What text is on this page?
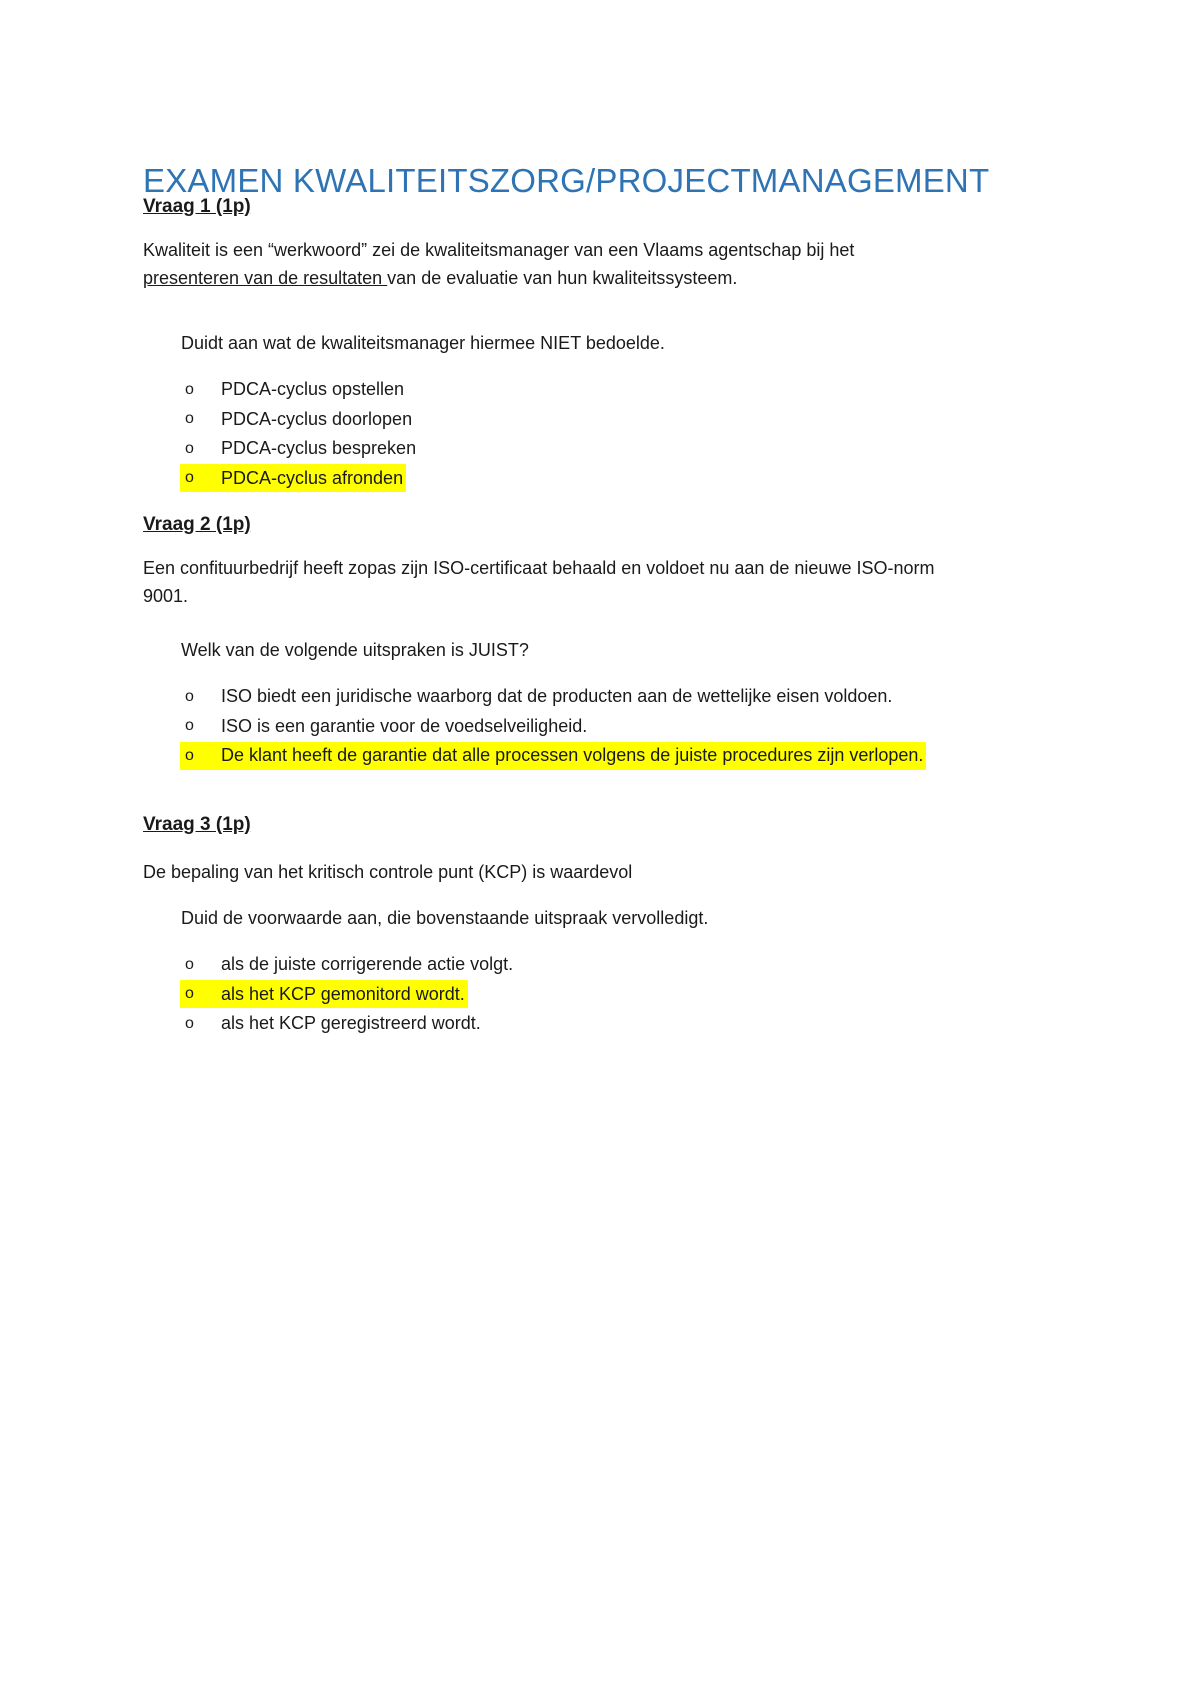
EXAMEN KWALITEITSZORG/PROJECTMANAGEMENT
Vraag 1 (1p)

Kwaliteit is een “werkwoord” zei de kwaliteitsmanager van een Vlaams agentschap bij het
presenteren van de resultaten van de evaluatie van hun kwaliteitssysteem.

Duidt aan wat de kwaliteitsmanager hiermee NIET bedoelde.

o	PDCA-cyclus opstellen
o	PDCA-cyclus doorlopen
o	PDCA-cyclus bespreken
o	PDCA-cyclus afronden
Vraag 2 (1p)

Een confituurbedrijf heeft zopas zijn ISO-certificaat behaald en voldoet nu aan de nieuwe ISO-norm
9001.

Welk van de volgende uitspraken is JUIST?

o	ISO biedt een juridische waarborg dat de producten aan de wettelijke eisen voldoen.
o	ISO is een garantie voor de voedselveiligheid.
o	De klant heeft de garantie dat alle processen volgens de juiste procedures zijn verlopen.
Vraag 3 (1p)

De bepaling van het kritisch controle punt (KCP) is waardevol

Duid de voorwaarde aan, die bovenstaande uitspraak vervolledigt.

o	als de juiste corrigerende actie volgt.
o	als het KCP gemonitord wordt.
o	als het KCP geregistreerd wordt.
